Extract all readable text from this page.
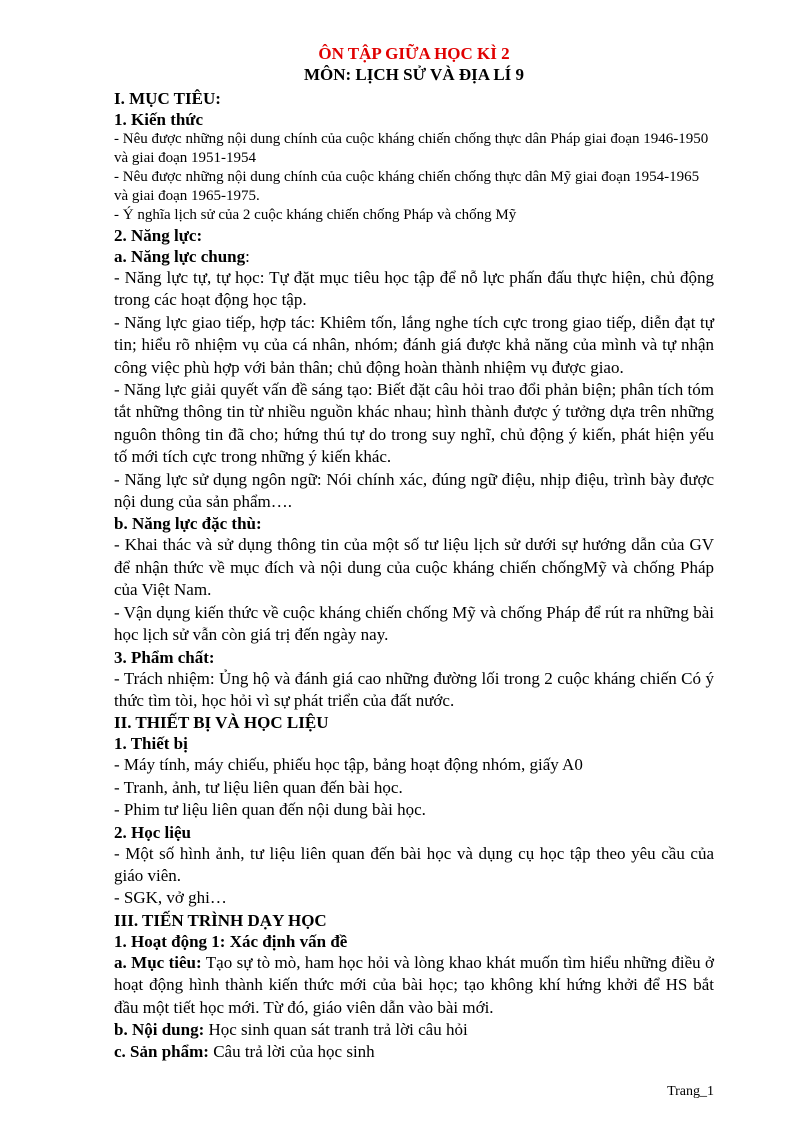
ÔN TẬP GIỮA HỌC KÌ 2

MÔN: LỊCH SỬ VÀ ĐỊA LÍ 9

I. MỤC TIÊU:

1. Kiến thức

- Nêu được những nội dung chính của cuộc kháng chiến chống thực dân Pháp giai đoạn 1946-1950 và giai đoạn 1951-1954

- Nêu được những nội dung chính của cuộc kháng chiến chống thực dân Mỹ giai đoạn 1954-1965 và giai đoạn 1965-1975.

- Ý nghĩa lịch sử của 2 cuộc kháng chiến chống Pháp và chống Mỹ

2. Năng lực:

a. Năng lực chung:

- Năng lực tự, tự học: Tự đặt mục tiêu học tập để nỗ lực phấn đấu thực hiện, chủ động trong các hoạt động học tập.

- Năng lực giao tiếp, hợp tác: Khiêm tốn, lắng nghe tích cực trong giao tiếp, diễn đạt tự tin; hiểu rõ nhiệm vụ của cá nhân, nhóm; đánh giá được khả năng của mình và tự nhận công việc phù hợp với bản thân; chủ động hoàn thành nhiệm vụ được giao.

- Năng lực giải quyết vấn đề sáng tạo: Biết đặt câu hỏi trao đổi phản biện; phân tích tóm tắt những thông tin từ nhiều nguồn khác nhau; hình thành được ý tưởng dựa trên những nguôn thông tin đã cho; hứng thú tự do trong suy nghĩ, chủ động ý kiến, phát hiện yếu tố mới tích cực trong những ý kiến khác.

- Năng lực sử dụng ngôn ngữ: Nói chính xác, đúng ngữ điệu, nhịp điệu, trình bày được nội dung của sản phẩm….

b. Năng lực đặc thù:

- Khai thác và sử dụng thông tin của một số tư liệu lịch sử dưới sự hướng dẫn của GV để nhận thức về mục đích và nội dung của cuộc kháng chiến chốngMỹ và chống Pháp của Việt Nam.

- Vận dụng kiến thức về cuộc kháng chiến chống Mỹ và chống Pháp để rút ra những bài học lịch sử vẫn còn giá trị đến ngày nay.

3. Phẩm chất:

- Trách nhiệm: Ủng hộ và đánh giá cao những đường lối trong 2 cuộc kháng chiến Có ý thức tìm tòi, học hỏi vì sự phát triển của đất nước.

II. THIẾT BỊ VÀ HỌC LIỆU

1. Thiết bị

- Máy tính, máy chiếu, phiếu học tập, bảng hoạt động nhóm, giấy A0

- Tranh, ảnh, tư liệu liên quan đến bài học.

- Phim tư liệu liên quan đến nội dung bài học.

2. Học liệu

- Một số hình ảnh, tư liệu liên quan đến bài học và dụng cụ học tập theo yêu cầu của giáo viên.

- SGK, vở ghi…

III. TIẾN TRÌNH DẠY HỌC

1. Hoạt động 1: Xác định vấn đề

a. Mục tiêu: Tạo sự tò mò, ham học hỏi và lòng khao khát muốn tìm hiểu những điều ở hoạt động hình thành kiến thức mới của bài học; tạo không khí hứng khởi để HS bắt đầu một tiết học mới. Từ đó, giáo viên dẫn vào bài mới.

b. Nội dung: Học sinh quan sát tranh trả lời câu hỏi

c. Sản phẩm: Câu trả lời của học sinh

Trang_1
